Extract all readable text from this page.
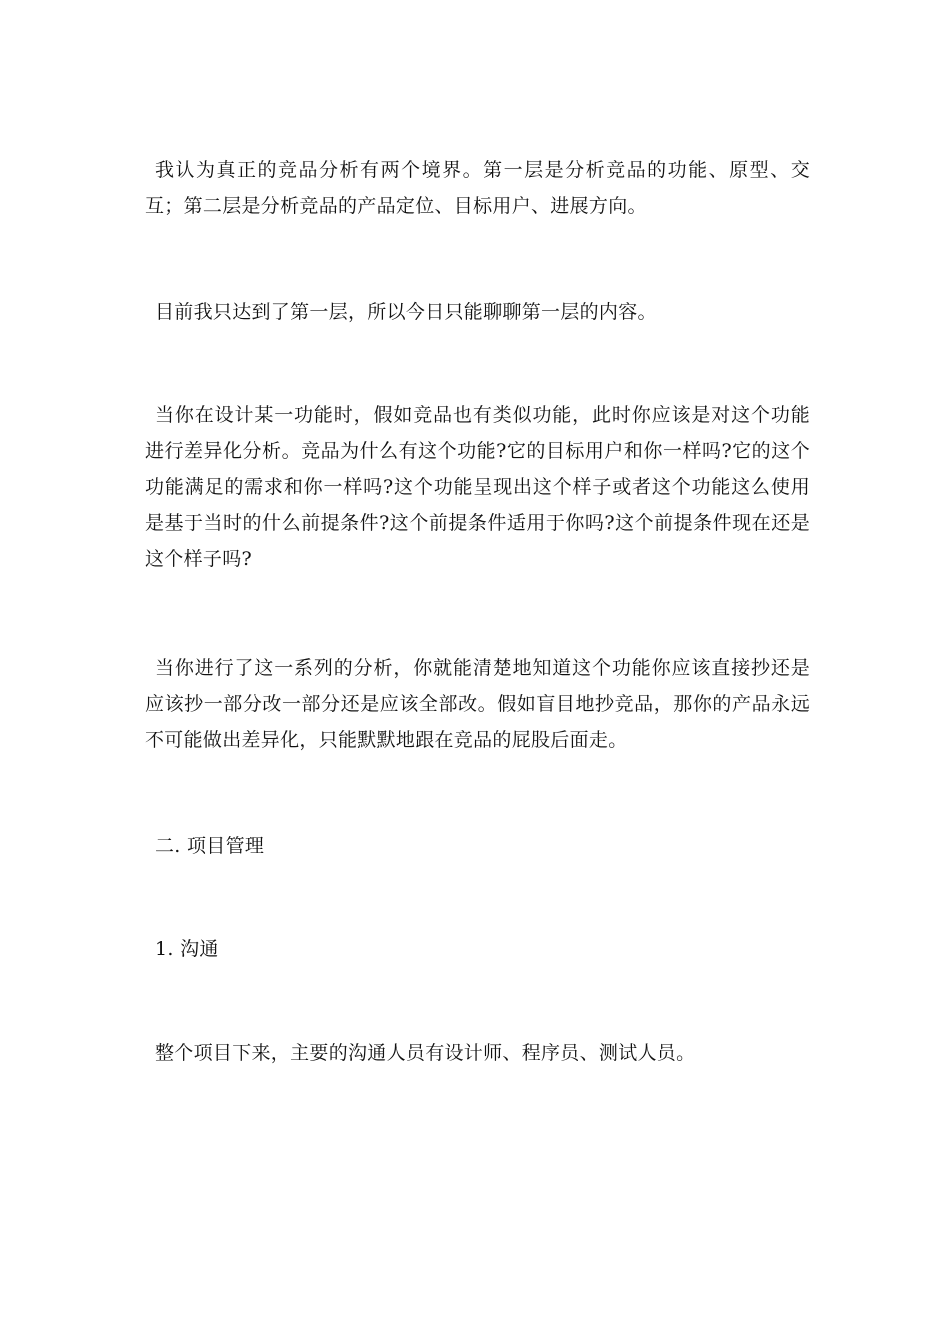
我认为真正的竞品分析有两个境界。第一层是分析竞品的功能、原型、交互；第二层是分析竞品的产品定位、目标用户、进展方向。

目前我只达到了第一层，所以今日只能聊聊第一层的内容。

当你在设计某一功能时，假如竞品也有类似功能，此时你应该是对这个功能进行差异化分析。竞品为什么有这个功能?它的目标用户和你一样吗?它的这个功能满足的需求和你一样吗?这个功能呈现出这个样子或者这个功能这么使用是基于当时的什么前提条件?这个前提条件适用于你吗?这个前提条件现在还是这个样子吗?

当你进行了这一系列的分析，你就能清楚地知道这个功能你应该直接抄还是应该抄一部分改一部分还是应该全部改。假如盲目地抄竞品，那你的产品永远不可能做出差异化，只能默默地跟在竞品的屁股后面走。

二. 项目管理

1. 沟通

整个项目下来，主要的沟通人员有设计师、程序员、测试人员。
